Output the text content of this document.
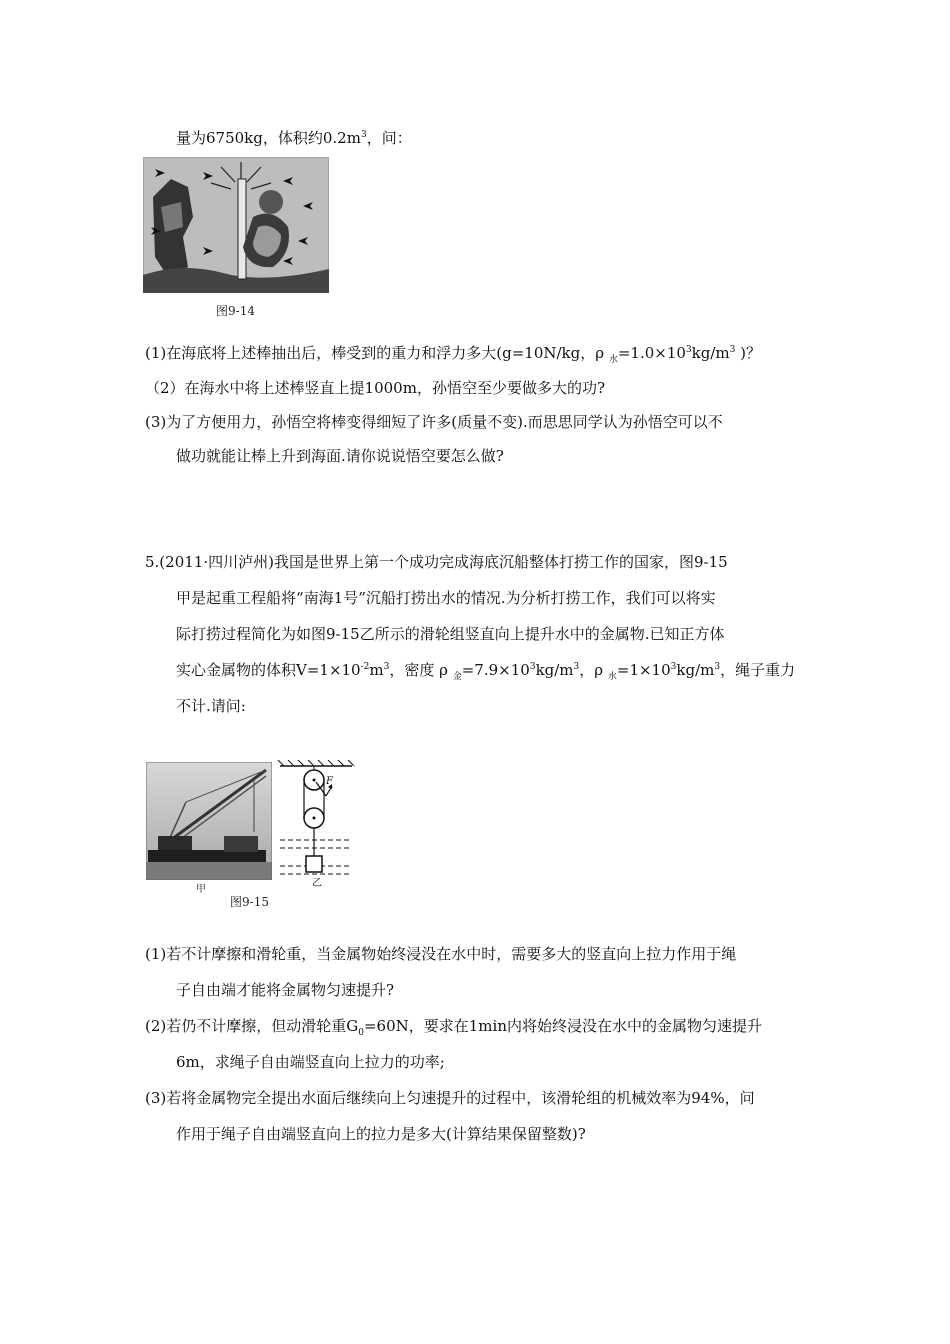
量为6750kg，体积约$0.2m^3$，问：
图9-14
(1)在海底将上述棒抽出后，棒受到的重力和浮力多大(g=10N/kg，ρ $_水=1.0\times 10^3kg/m^3$ )？
（2）在海水中将上述棒竖直上提1000m，孙悟空至少要做多大的功?
(3)为了方便用力，孙悟空将棒变得细短了许多(质量不变).而思思同学认为孙悟空可以不
做功就能让棒上升到海面.请你说说悟空要怎么做?
5.(2011·四川泸州)我国是世界上第一个成功完成海底沉船整体打捞工作的国家，图9-15
甲是起重工程船将“南海1号”沉船打捞出水的情况.为分析打捞工作，我们可以将实
际打捞过程简化为如图9-15乙所示的滑轮组竖直向上提升水中的金属物.已知正方体
实心金属物的体积$V=1\times 10^{-2}m^3$，密度 ρ $_金=7.9\times 10^3kg/m^3$，ρ $_水=1\times 10^3kg/m^3$，绳子重力
不计.请问:
甲
F
乙
图9-15
(1)若不计摩擦和滑轮重，当金属物始终浸没在水中时，需要多大的竖直向上拉力作用于绳
子自由端才能将金属物匀速提升?
(2)若仍不计摩擦，但动滑轮重$G_0=60N$，要求在1min内将始终浸没在水中的金属物匀速提升
6m，求绳子自由端竖直向上拉力的功率;
(3)若将金属物完全提出水面后继续向上匀速提升的过程中，该滑轮组的机械效率为94%，问
作用于绳子自由端竖直向上的拉力是多大(计算结果保留整数)?
